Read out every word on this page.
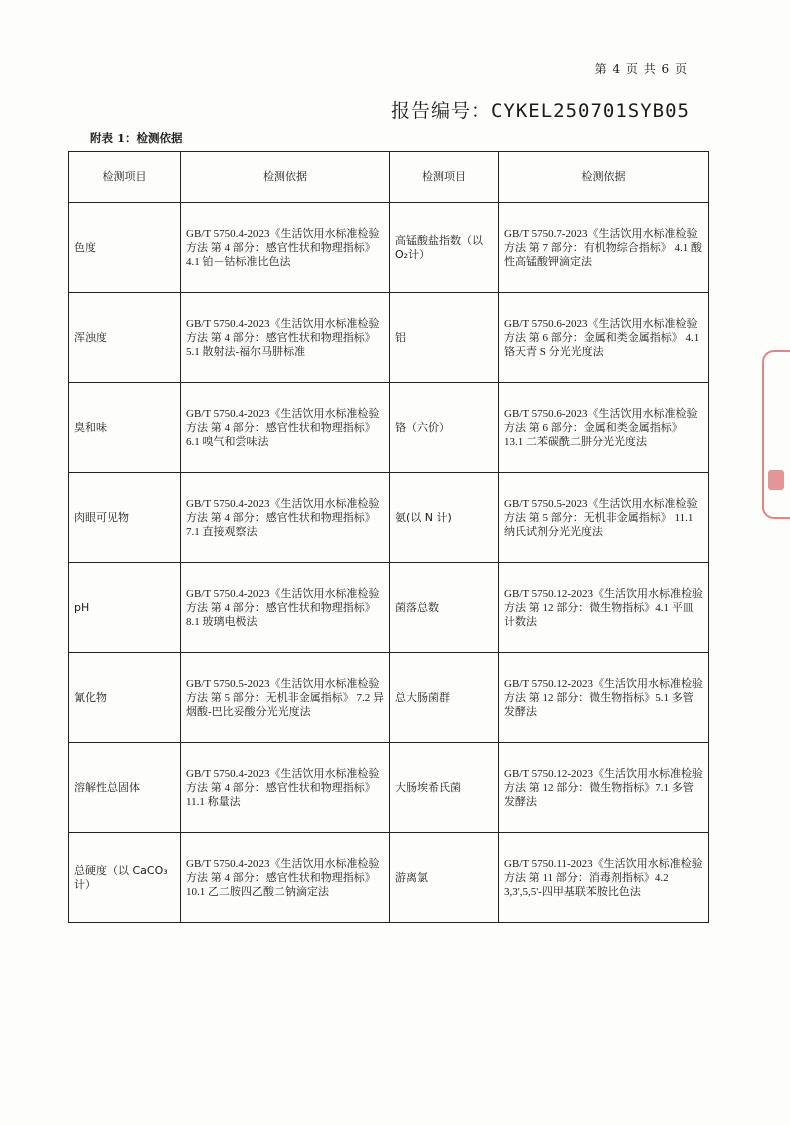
第 4 页 共 6 页
报告编号：CYKEL250701SYB05
附表 1：检测依据
检测项目	检测依据	检测项目	检测依据
色度	GB/T 5750.4-2023《生活饮用水标准检验方法 第 4 部分：感官性状和物理指标》 4.1 铂－钴标准比色法	高锰酸盐指数（以O₂计）	GB/T 5750.7-2023《生活饮用水标准检验方法 第 7 部分：有机物综合指标》 4.1 酸性高锰酸钾滴定法
浑浊度	GB/T 5750.4-2023《生活饮用水标准检验方法 第 4 部分：感官性状和物理指标》 5.1 散射法-福尔马肼标准	铝	GB/T 5750.6-2023《生活饮用水标准检验方法 第 6 部分：金属和类金属指标》 4.1 铬天青 S 分光光度法
臭和味	GB/T 5750.4-2023《生活饮用水标准检验方法 第 4 部分：感官性状和物理指标》 6.1 嗅气和尝味法	铬（六价）	GB/T 5750.6-2023《生活饮用水标准检验方法 第 6 部分：金属和类金属指标》 13.1 二苯碳酰二肼分光光度法
肉眼可见物	GB/T 5750.4-2023《生活饮用水标准检验方法 第 4 部分：感官性状和物理指标》 7.1 直接观察法	氨(以 N 计)	GB/T 5750.5-2023《生活饮用水标准检验方法 第 5 部分：无机非金属指标》 11.1 纳氏试剂分光光度法
pH	GB/T 5750.4-2023《生活饮用水标准检验方法 第 4 部分：感官性状和物理指标》 8.1 玻璃电极法	菌落总数	GB/T 5750.12-2023《生活饮用水标准检验方法 第 12 部分：微生物指标》4.1 平皿计数法
氰化物	GB/T 5750.5-2023《生活饮用水标准检验方法 第 5 部分：无机非金属指标》 7.2 异烟酸-巴比妥酸分光光度法	总大肠菌群	GB/T 5750.12-2023《生活饮用水标准检验方法 第 12 部分：微生物指标》5.1 多管发酵法
溶解性总固体	GB/T 5750.4-2023《生活饮用水标准检验方法 第 4 部分：感官性状和物理指标》 11.1 称量法	大肠埃希氏菌	GB/T 5750.12-2023《生活饮用水标准检验方法 第 12 部分：微生物指标》7.1 多管发酵法
总硬度（以 CaCO₃计）	GB/T 5750.4-2023《生活饮用水标准检验方法 第 4 部分：感官性状和物理指标》 10.1 乙二胺四乙酸二钠滴定法	游离氯	GB/T 5750.11-2023《生活饮用水标准检验方法 第 11 部分：消毒剂指标》4.2 3,3',5,5'-四甲基联苯胺比色法
